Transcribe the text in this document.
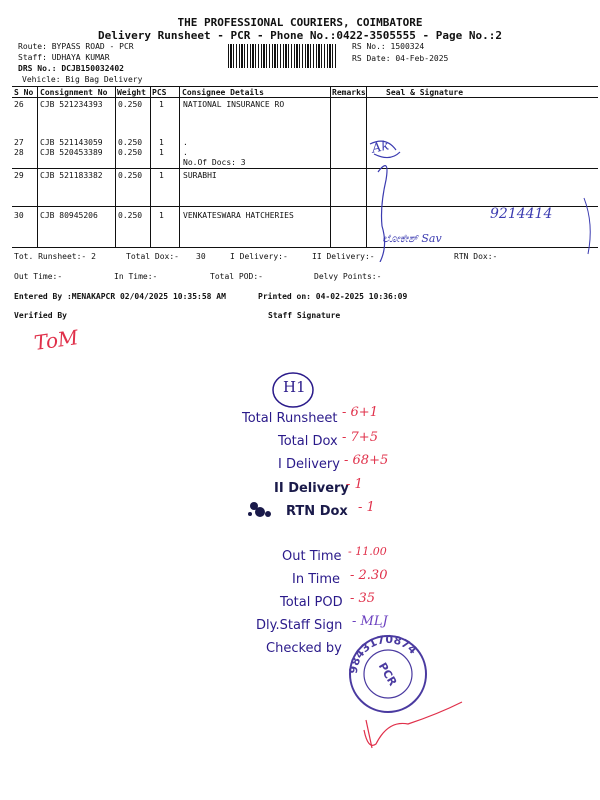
THE PROFESSIONAL COURIERS, COIMBATORE
Delivery Runsheet - PCR - Phone No.:0422-3505555 - Page No.:2
Route: BYPASS ROAD - PCR
Staff: UDHAYA KUMAR
DRS No.: DCJB150032402
Vehicle: Big Bag Delivery
RS No.: 1500324
RS Date: 04-Feb-2025
S No Consignment No Weight PCS Consignee Details	Remarks	Seal & Signature
26 CJB 521234393 0.250 1 NATIONAL INSURANCE RO
27 CJB 521143059 0.250 1 .
28 CJB 520453389 0.250 1 .
No.Of Docs: 3
29 CJB 521183382 0.250 1 SURABHI
30 CJB 80945206	0.250 1 VENKATESWARA HATCHERIES
Ak
9214414
ಲೋಕೇಶ್ Sav
Tot. Runsheet:- 2	Total Dox:- 30	I Delivery:-	II Delivery:-	RTN Dox:-
Out Time:-	In Time:-	Total POD:-	Delvy Points:-
Entered By :MENAKAPCR 02/04/2025 10:35:58 AM	Printed on: 04-02-2025 10:36:09
Verified By	Staff Signature
ToM
H1
Total Runsheet - 6+1
Total Dox - 7+5
I Delivery - 68+5
II Delivery
- 1
RTN Dox - 1
Out Time - 11.00
In Time - 2.30
Total POD - 35
Dly.Staff Sign - MLJ
Checked by
9843170874
PCR
